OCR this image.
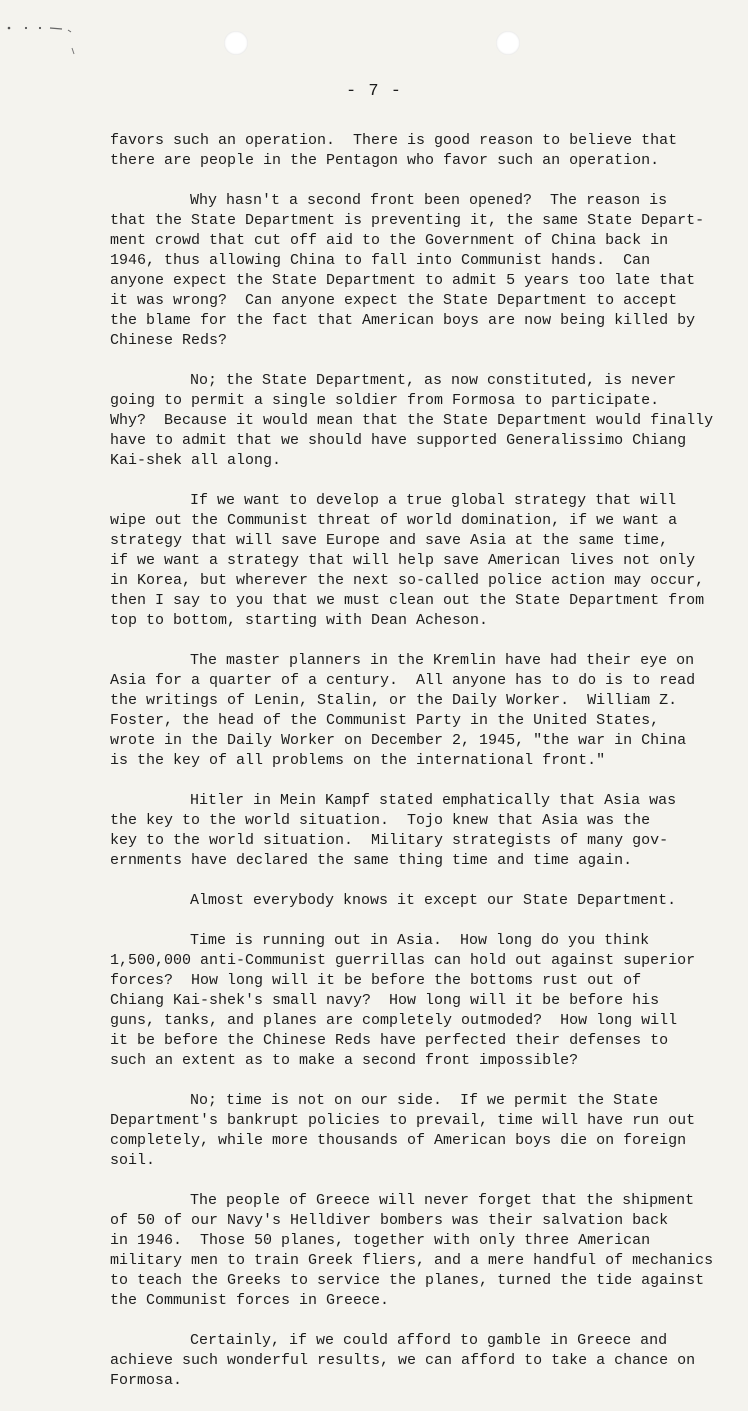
- 7 -
favors such an operation.  There is good reason to believe that
there are people in the Pentagon who favor such an operation.
Why hasn't a second front been opened?  The reason is
that the State Department is preventing it, the same State Depart-
ment crowd that cut off aid to the Government of China back in
1946, thus allowing China to fall into Communist hands.  Can
anyone expect the State Department to admit 5 years too late that
it was wrong?  Can anyone expect the State Department to accept
the blame for the fact that American boys are now being killed by
Chinese Reds?
No; the State Department, as now constituted, is never
going to permit a single soldier from Formosa to participate.
Why?  Because it would mean that the State Department would finally
have to admit that we should have supported Generalissimo Chiang
Kai-shek all along.
If we want to develop a true global strategy that will
wipe out the Communist threat of world domination, if we want a
strategy that will save Europe and save Asia at the same time,
if we want a strategy that will help save American lives not only
in Korea, but wherever the next so-called police action may occur,
then I say to you that we must clean out the State Department from
top to bottom, starting with Dean Acheson.
The master planners in the Kremlin have had their eye on
Asia for a quarter of a century.  All anyone has to do is to read
the writings of Lenin, Stalin, or the Daily Worker.  William Z.
Foster, the head of the Communist Party in the United States,
wrote in the Daily Worker on December 2, 1945, "the war in China
is the key of all problems on the international front."
Hitler in Mein Kampf stated emphatically that Asia was
the key to the world situation.  Tojo knew that Asia was the
key to the world situation.  Military strategists of many gov-
ernments have declared the same thing time and time again.
Almost everybody knows it except our State Department.
Time is running out in Asia.  How long do you think
1,500,000 anti-Communist guerrillas can hold out against superior
forces?  How long will it be before the bottoms rust out of
Chiang Kai-shek's small navy?  How long will it be before his
guns, tanks, and planes are completely outmoded?  How long will
it be before the Chinese Reds have perfected their defenses to
such an extent as to make a second front impossible?
No; time is not on our side.  If we permit the State
Department's bankrupt policies to prevail, time will have run out
completely, while more thousands of American boys die on foreign
soil.
The people of Greece will never forget that the shipment
of 50 of our Navy's Helldiver bombers was their salvation back
in 1946.  Those 50 planes, together with only three American
military men to train Greek fliers, and a mere handful of mechanics
to teach the Greeks to service the planes, turned the tide against
the Communist forces in Greece.
Certainly, if we could afford to gamble in Greece and
achieve such wonderful results, we can afford to take a chance on
Formosa.
